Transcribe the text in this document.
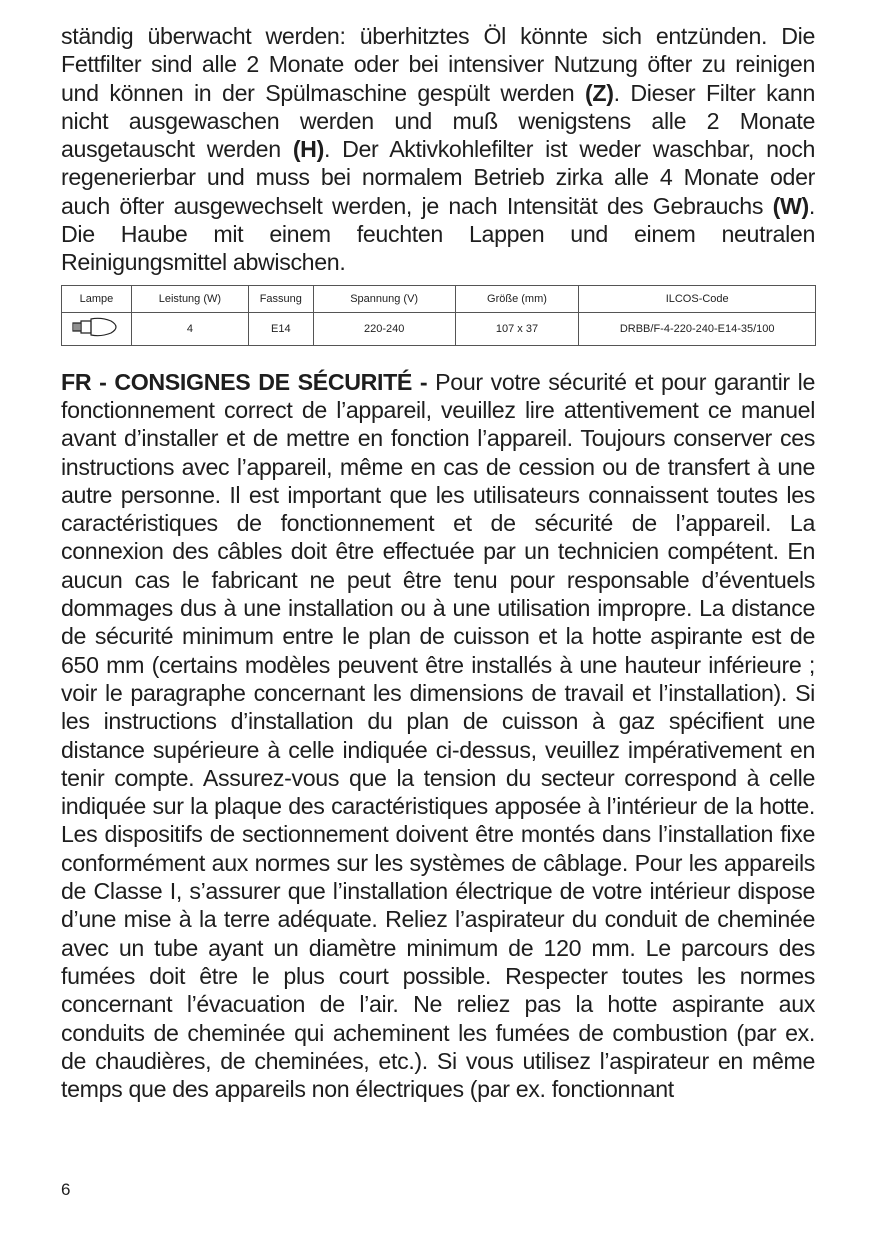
ständig überwacht werden: überhitztes Öl könnte sich entzünden. Die Fettfilter sind alle 2 Monate oder bei intensiver Nutzung öfter zu reinigen und können in der Spülmaschine gespült werden (Z). Dieser Filter kann nicht ausgewaschen werden und muß wenigstens alle 2 Monate ausgetauscht werden (H). Der Aktivkohlefilter ist weder waschbar, noch regenerierbar und muss bei normalem Betrieb zirka alle 4 Monate oder auch öfter ausgewechselt werden, je nach Intensität des Gebrauchs (W). Die Haube mit einem feuchten Lappen und einem neutralen Reinigungsmittel abwischen.

Lampe	Leistung (W)	Fassung	Spannung (V)	Größe (mm)	ILCOS-Code
	4	E14	220-240	107 x 37	DRBB/F-4-220-240-E14-35/100

FR - CONSIGNES DE SÉCURITÉ - Pour votre sécurité et pour garantir le fonctionnement correct de l’appareil, veuillez lire attentivement ce manuel avant d’installer et de mettre en fonction l’appareil. Toujours conserver ces instructions avec l’appareil, même en cas de cession ou de transfert à une autre personne. Il est important que les utilisateurs connaissent toutes les caractéristiques de fonctionnement et de sécurité de l’appareil. La connexion des câbles doit être effectuée par un technicien compétent. En aucun cas le fabricant ne peut être tenu pour responsable d’éventuels dommages dus à une installation ou à une utilisation impropre. La distance de sécurité minimum entre le plan de cuisson et la hotte aspirante est de 650 mm (certains modèles peuvent être installés à une hauteur inférieure ; voir le paragraphe concernant les dimensions de travail et l’installation). Si les instructions d’installation du plan de cuisson à gaz spécifient une distance supérieure à celle indiquée ci-dessus, veuillez impérativement en tenir compte. Assurez-vous que la tension du secteur correspond à celle indiquée sur la plaque des caractéristiques apposée à l’intérieur de la hotte. Les dispositifs de sectionnement doivent être montés dans l’installation fixe conformément aux normes sur les systèmes de câblage. Pour les appareils de Classe I, s’assurer que l’installation électrique de votre intérieur dispose d’une mise à la terre adéquate. Reliez l’aspirateur du conduit de cheminée avec un tube ayant un diamètre minimum de 120 mm. Le parcours des fumées doit être le plus court possible. Respecter toutes les normes concernant l’évacuation de l’air. Ne reliez pas la hotte aspirante aux conduits de cheminée qui acheminent les fumées de combustion (par ex. de chaudières, de cheminées, etc.). Si vous utilisez l’aspirateur en même temps que des appareils non électriques (par ex. fonctionnant

6
